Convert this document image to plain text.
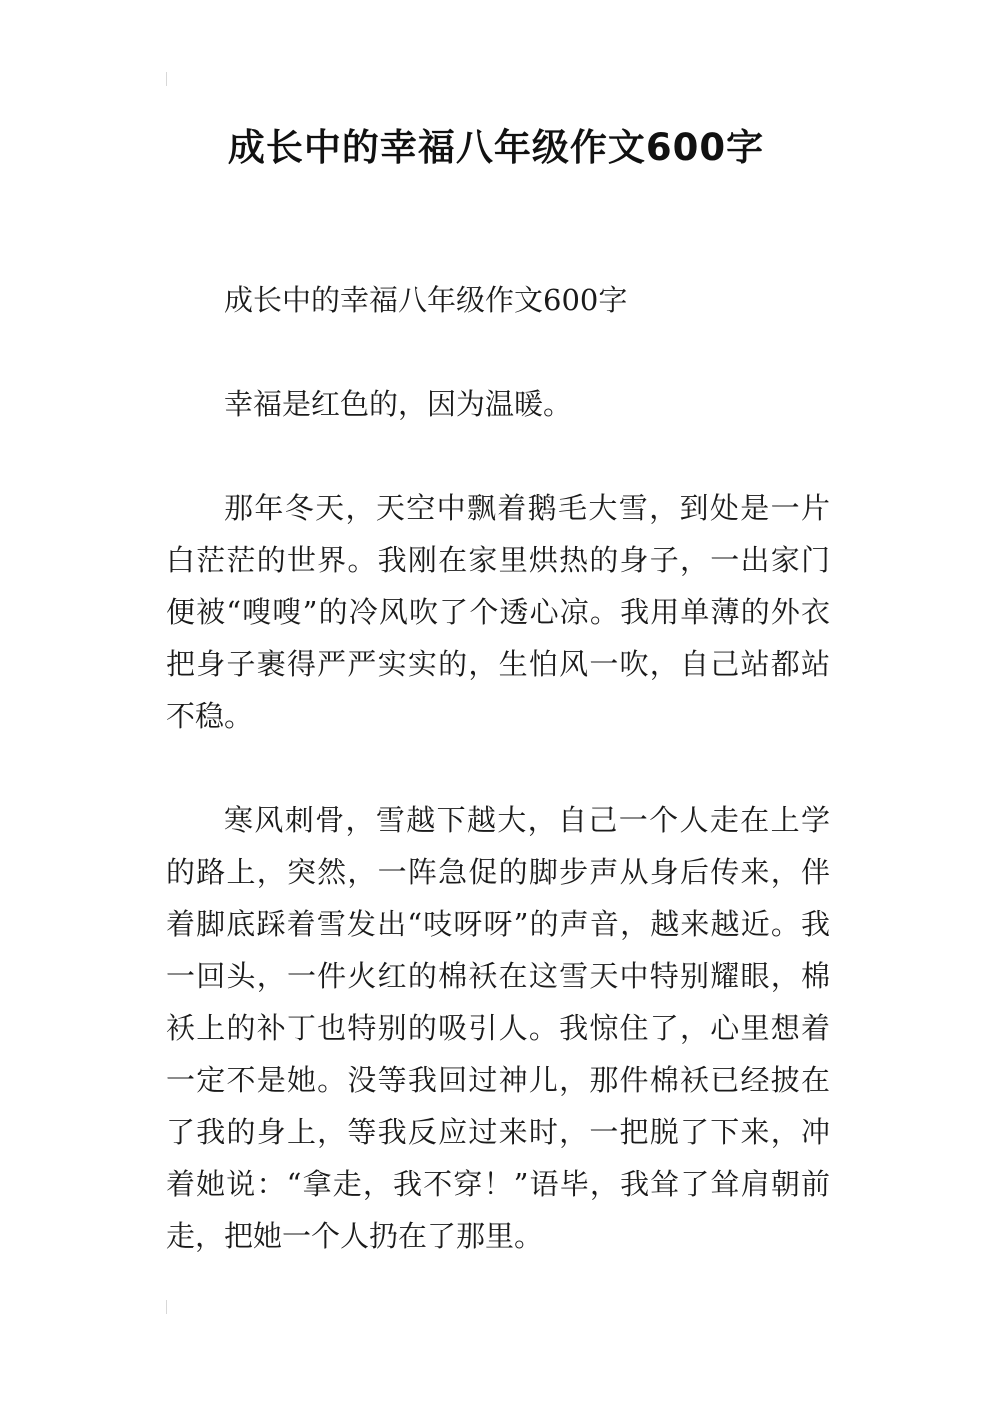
成长中的幸福八年级作文600字

成长中的幸福八年级作文600字

幸福是红色的，因为温暖。

那年冬天，天空中飘着鹅毛大雪，到处是一片白茫茫的世界。我刚在家里烘热的身子，一出家门便被“嗖嗖”的冷风吹了个透心凉。我用单薄的外衣把身子裹得严严实实的，生怕风一吹，自己站都站不稳。

寒风刺骨，雪越下越大，自己一个人走在上学的路上，突然，一阵急促的脚步声从身后传来，伴着脚底踩着雪发出“吱呀呀”的声音，越来越近。我一回头，一件火红的棉袄在这雪天中特别耀眼，棉袄上的补丁也特别的吸引人。我惊住了，心里想着一定不是她。没等我回过神儿，那件棉袄已经披在了我的身上，等我反应过来时，一把脱了下来，冲着她说：“拿走，我不穿！”语毕，我耸了耸肩朝前走，把她一个人扔在了那里。
